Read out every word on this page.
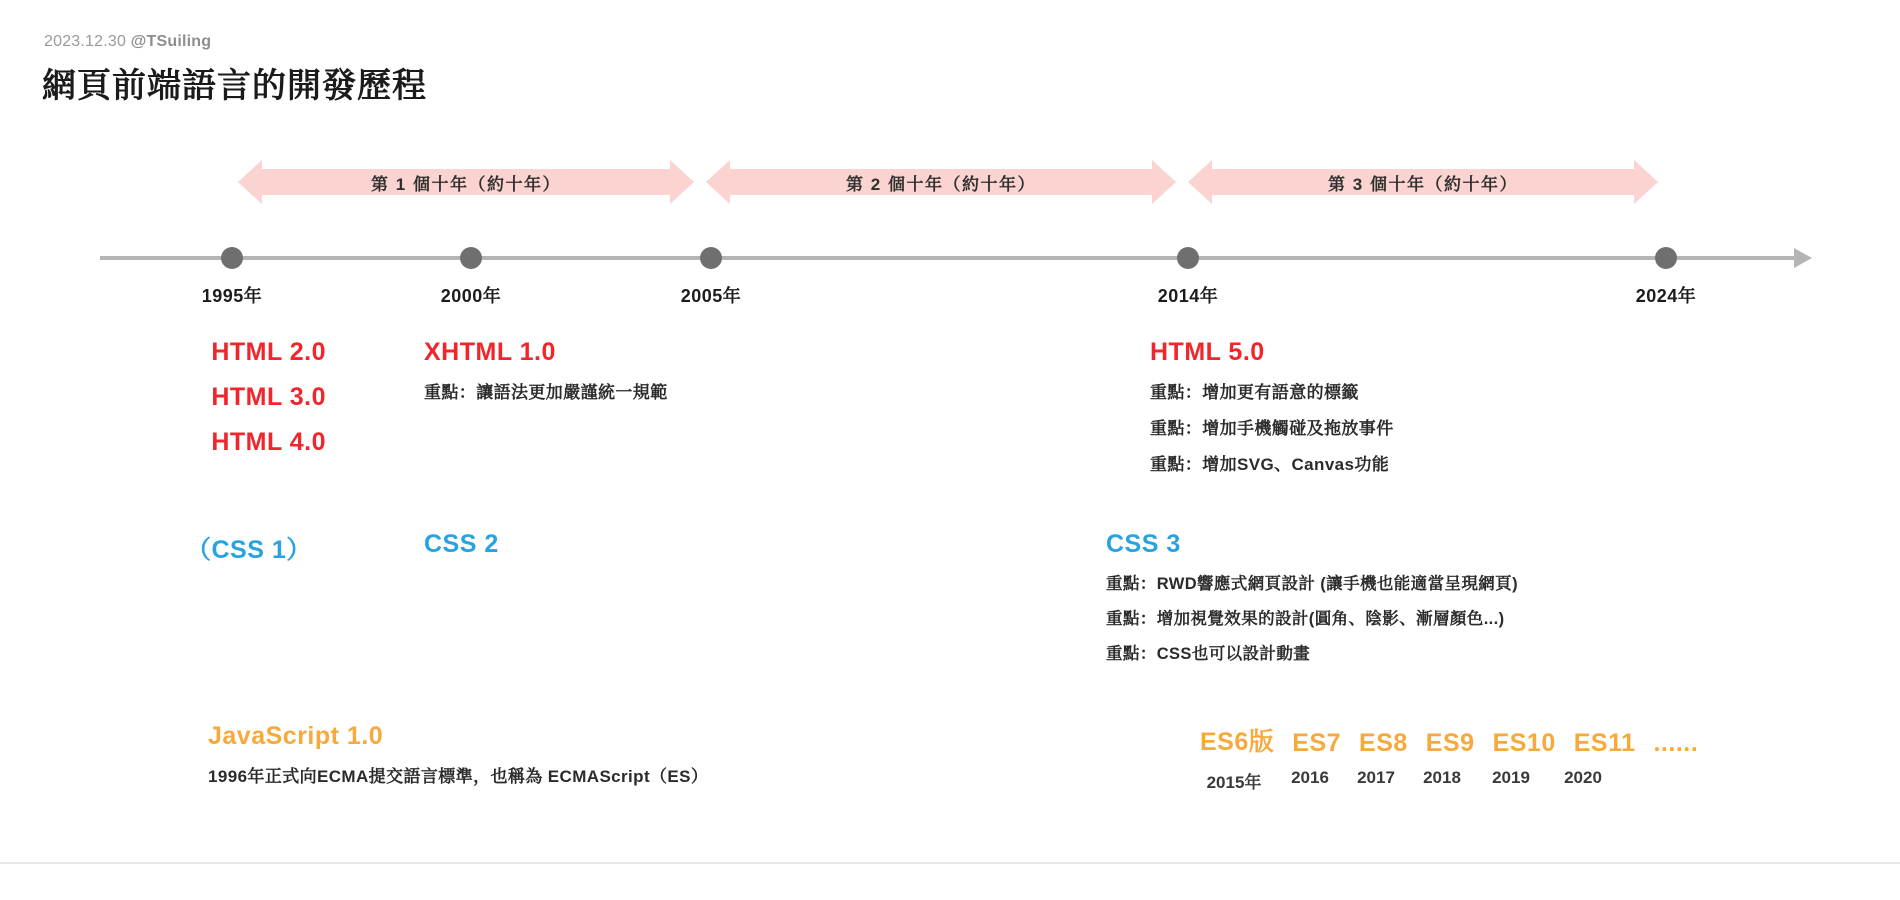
2023.12.30 @TSuiling
網頁前端語言的開發歷程
第 1 個十年（約十年）	第 2 個十年（約十年）	第 3 個十年（約十年）
1995年	2000年	2005年	2014年	2024年
HTML 2.0
HTML 3.0
HTML 4.0
XHTML 1.0
重點：讓語法更加嚴謹統一規範
HTML 5.0
重點：增加更有語意的標籤
重點：增加手機觸碰及拖放事件
重點：增加SVG、Canvas功能
（CSS 1）	CSS 2	CSS 3
重點：RWD響應式網頁設計 (讓手機也能適當呈現網頁)
重點：增加視覺效果的設計(圓角、陰影、漸層顏色...)
重點：CSS也可以設計動畫
JavaScript 1.0
1996年正式向ECMA提交語言標準，也稱為 ECMAScript（ES）
ES6版 ES7 ES8 ES9 ES10 ES11 ......
2015年	2016 2017 2018	2019	2020
